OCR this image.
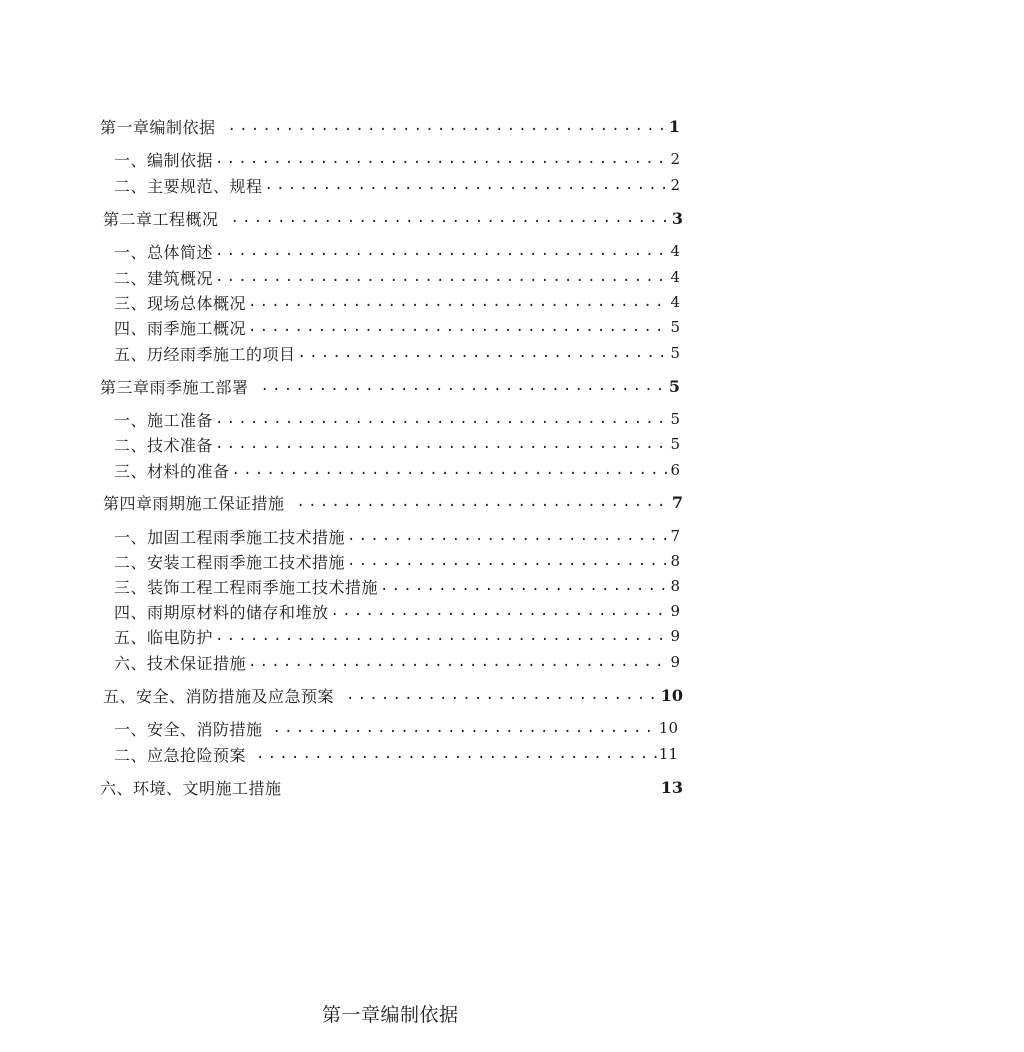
第一章编制依据 .....	1
一、编制依据 .....	2
二、主要规范、规程 .....	2
第二章工程概况 .....	3
一、总体简述 .....	4
二、建筑概况 .....	4
三、现场总体概况 .....	4
四、雨季施工概况 .....	5
五、历经雨季施工的项目 .....	5
第三章雨季施工部署 .....	5
一、施工准备 .....	5
二、技术准备 .....	5
三、材料的准备 .....	6
第四章雨期施工保证措施 .....	7
一、加固工程雨季施工技术措施 .....	7
二、安装工程雨季施工技术措施 .....	8
三、装饰工程工程雨季施工技术措施 .....	8
四、雨期原材料的储存和堆放 .....	9
五、临电防护 .....	9
六、技术保证措施 .....	9
五、安全、消防措施及应急预案 .....	10
一、安全、消防措施 .....	10
二、应急抢险预案 .....	11
六、环境、文明施工措施	13
第一章编制依据
